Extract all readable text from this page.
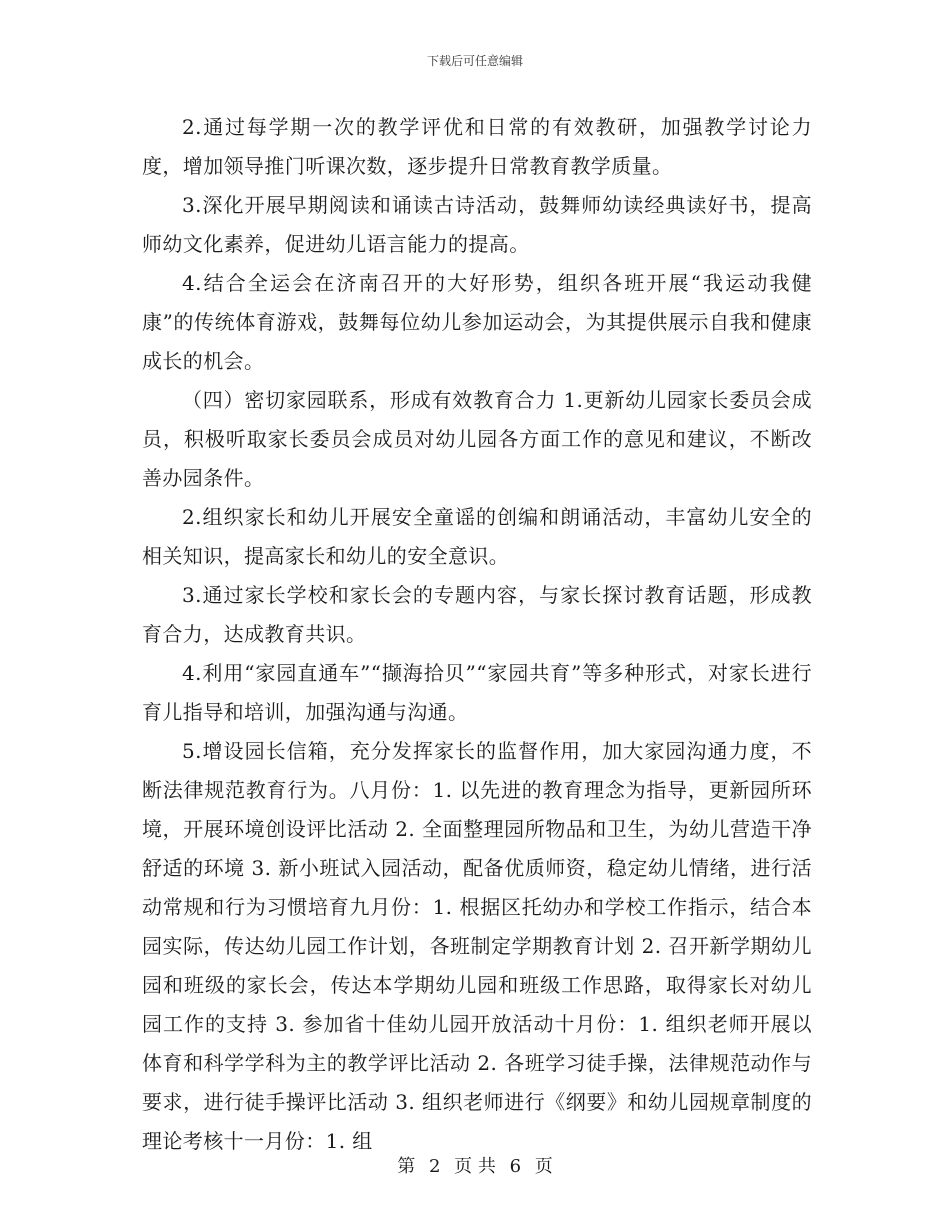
下载后可任意编辑

2.通过每学期一次的教学评优和日常的有效教研，加强教学讨论力度，增加领导推门听课次数，逐步提升日常教育教学质量。

3.深化开展早期阅读和诵读古诗活动，鼓舞师幼读经典读好书，提高师幼文化素养，促进幼儿语言能力的提高。

4.结合全运会在济南召开的大好形势，组织各班开展“我运动我健康”的传统体育游戏，鼓舞每位幼儿参加运动会，为其提供展示自我和健康成长的机会。

（四）密切家园联系，形成有效教育合力 1.更新幼儿园家长委员会成员，积极听取家长委员会成员对幼儿园各方面工作的意见和建议，不断改善办园条件。

2.组织家长和幼儿开展安全童谣的创编和朗诵活动，丰富幼儿安全的相关知识，提高家长和幼儿的安全意识。

3.通过家长学校和家长会的专题内容，与家长探讨教育话题，形成教育合力，达成教育共识。

4.利用“家园直通车”“撷海拾贝”“家园共育”等多种形式，对家长进行育儿指导和培训，加强沟通与沟通。

5.增设园长信箱，充分发挥家长的监督作用，加大家园沟通力度，不断法律规范教育行为。八月份：1. 以先进的教育理念为指导，更新园所环境，开展环境创设评比活动 2. 全面整理园所物品和卫生，为幼儿营造干净舒适的环境 3. 新小班试入园活动，配备优质师资，稳定幼儿情绪，进行活动常规和行为习惯培育九月份：1. 根据区托幼办和学校工作指示，结合本园实际，传达幼儿园工作计划，各班制定学期教育计划 2. 召开新学期幼儿园和班级的家长会，传达本学期幼儿园和班级工作思路，取得家长对幼儿园工作的支持 3. 参加省十佳幼儿园开放活动十月份：1. 组织老师开展以体育和科学学科为主的教学评比活动 2. 各班学习徒手操，法律规范动作与要求，进行徒手操评比活动 3. 组织老师进行《纲要》和幼儿园规章制度的理论考核十一月份：1. 组

第 2 页 共 6 页
